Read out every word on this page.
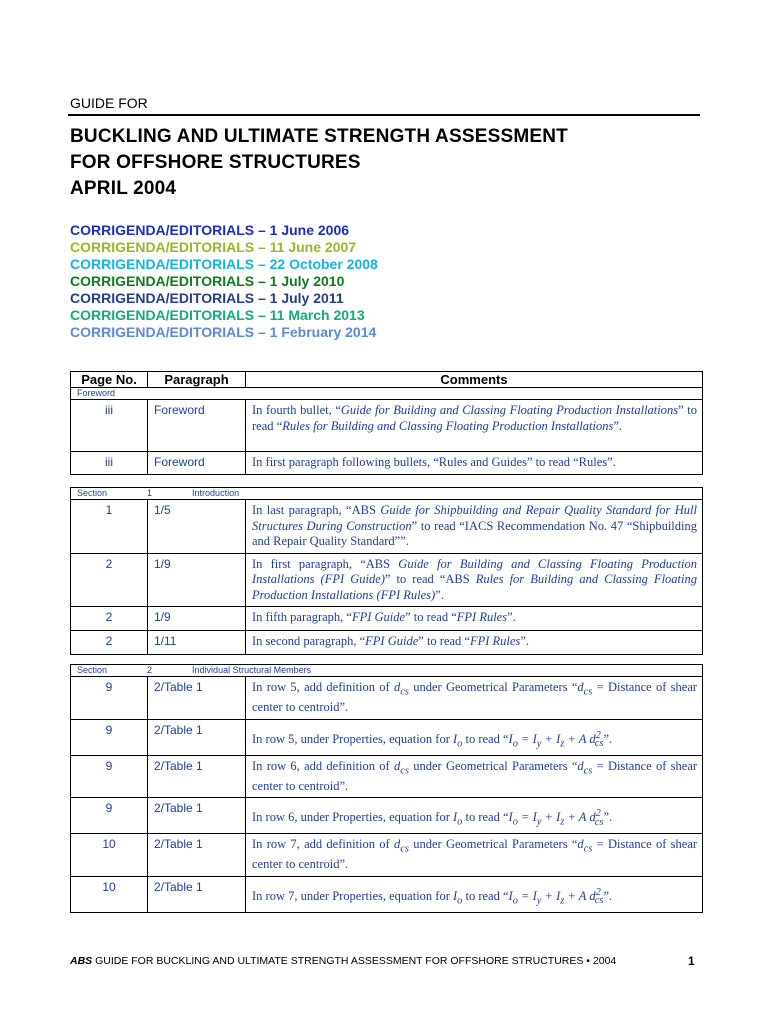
GUIDE FOR
BUCKLING AND ULTIMATE STRENGTH ASSESSMENT
FOR OFFSHORE STRUCTURES
APRIL 2004
CORRIGENDA/EDITORIALS – 1 June 2006
CORRIGENDA/EDITORIALS – 11 June 2007
CORRIGENDA/EDITORIALS – 22 October 2008
CORRIGENDA/EDITORIALS – 1 July 2010
CORRIGENDA/EDITORIALS – 1 July 2011
CORRIGENDA/EDITORIALS – 11 March 2013
CORRIGENDA/EDITORIALS – 1 February 2014
Page No.	Paragraph	Comments
Foreword		
iii	Foreword	In fourth bullet, “Guide for Building and Classing Floating Production Installations” to read “Rules for Building and Classing Floating Production Installations”.
iii	Foreword	In first paragraph following bullets, “Rules and Guides” to read “Rules”.
Section 1 Introduction		
1	1/5	In last paragraph, “ABS Guide for Shipbuilding and Repair Quality Standard for Hull Structures During Construction” to read “IACS Recommendation No. 47 “Shipbuilding and Repair Quality Standard””.
2	1/9	In first paragraph, “ABS Guide for Building and Classing Floating Production Installations (FPI Guide)” to read “ABS Rules for Building and Classing Floating Production Installations (FPI Rules)”.
2	1/9	In fifth paragraph, “FPI Guide” to read “FPI Rules”.
2	1/11	In second paragraph, “FPI Guide” to read “FPI Rules”.
Section 2 Individual Structural Members		
9	2/Table 1	In row 5, add definition of $d_{cs}$ under Geometrical Parameters “$d_{cs}$ = Distance of shear center to centroid”.
9	2/Table 1	In row 5, under Properties, equation for $I_o$ to read “$I_o = I_y + I_z + A$ $d^2_{cs}$”.
9	2/Table 1	In row 6, add definition of $d_{cs}$ under Geometrical Parameters “$d_{cs}$ = Distance of shear center to centroid”.
9	2/Table 1	In row 6, under Properties, equation for $I_o$ to read “$I_o = I_y + I_z + A$ $d^2_{cs}$”.
10	2/Table 1	In row 7, add definition of $d_{cs}$ under Geometrical Parameters “$d_{cs}$ = Distance of shear center to centroid”.
10	2/Table 1	In row 7, under Properties, equation for $I_o$ to read “$I_o = I_y + I_z + A$ $d^2_{cs}$”.
ABS GUIDE FOR BUCKLING AND ULTIMATE STRENGTH ASSESSMENT FOR OFFSHORE STRUCTURES • 2004	1
